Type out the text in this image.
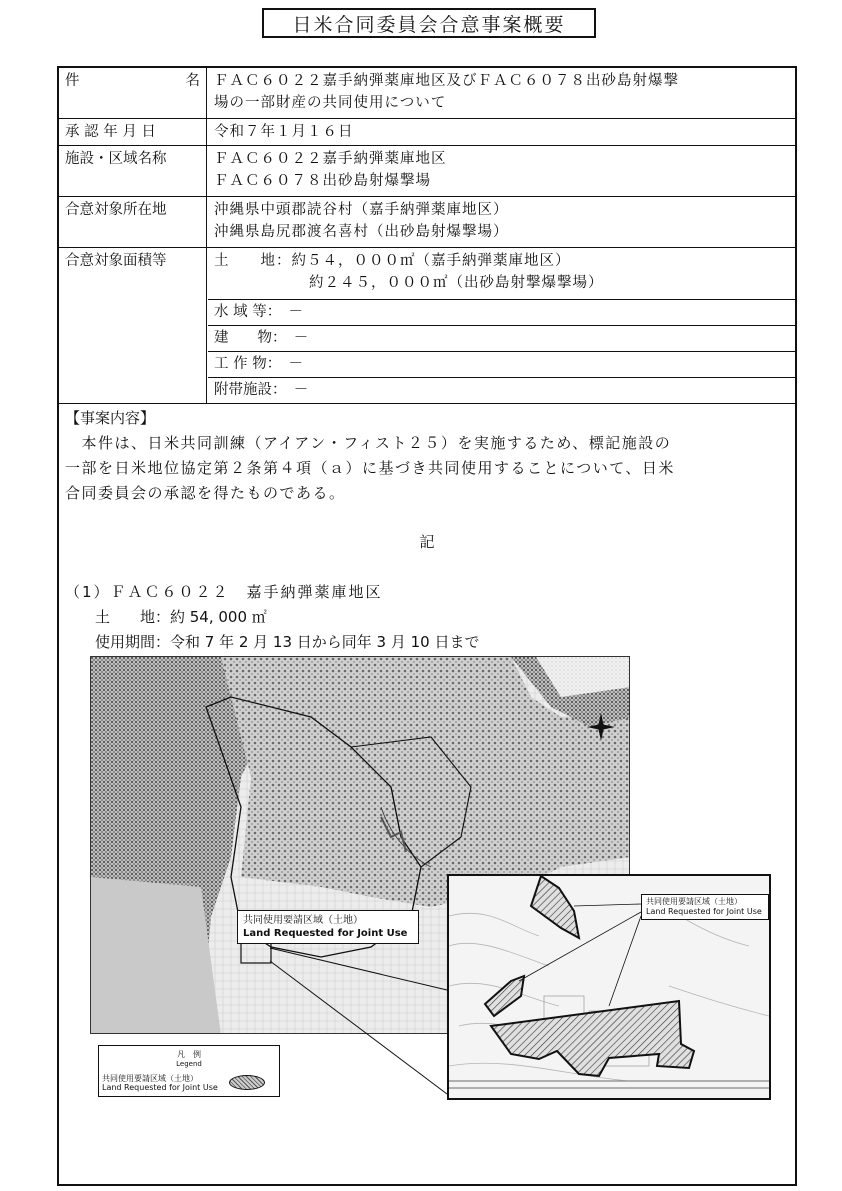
日米合同委員会合意事案概要
件	名 ＦＡＣ６０２２嘉手納弾薬庫地区及びＦＡＣ６０７８出砂島射爆撃
場の一部財産の共同使用について
承 認 年 月 日	令和７年１月１６日
施設・区域名称	ＦＡＣ６０２２嘉手納弾薬庫地区
ＦＡＣ６０７８出砂島射爆撃場
合意対象所在地	沖縄県中頭郡読谷村（嘉手納弾薬庫地区）
沖縄県島尻郡渡名喜村（出砂島射爆撃場）
合意対象面積等	土　　地：約５４，０００㎡（嘉手納弾薬庫地区）
約２４５，０００㎡（出砂島射撃爆撃場）
水 域 等：　－
建　　物：　－
工 作 物：　－
附帯施設：　－
【事案内容】
　本件は、日米共同訓練（アイアン・フィスト２５）を実施するため、標記施設の
一部を日米地位協定第２条第４項（ａ）に基づき共同使用することについて、日米
合同委員会の承認を得たものである。
記
（1）ＦＡＣ６０２２　嘉手納弾薬庫地区
土　　地：約 54, 000 ㎡
使用期間：令和 7 年 2 月 13 日から同年 3 月 10 日まで
共同使用要請区域（土地）
Land Requested for Joint Use
共同使用要請区域（土地）
Land Requested for Joint Use
凡　例
Legend
共同使用要請区域（土地）
Land Requested for Joint Use
